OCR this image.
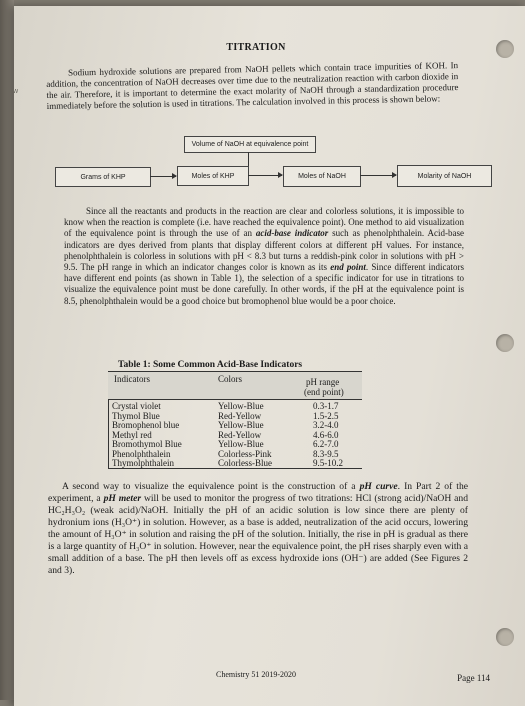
w
TITRATION
Sodium hydroxide solutions are prepared from NaOH pellets which contain trace impurities of KOH. In addition, the concentration of NaOH decreases over time due to the neutralization reaction with carbon dioxide in the air. Therefore, it is important to determine the exact molarity of NaOH through a standardization procedure immediately before the solution is used in titrations. The calculation involved in this process is shown below:
Volume of NaOH at equivalence point
Grams of KHP	Moles of KHP	Moles of NaOH	Molarity of NaOH
Since all the reactants and products in the reaction are clear and colorless solutions, it is impossible to know when the reaction is complete (i.e. have reached the equivalence point). One method to aid visualization of the equivalence point is through the use of an acid-base indicator such as phenolphthalein. Acid-base indicators are dyes derived from plants that display different colors at different pH values. For instance, phenolphthalein is colorless in solutions with pH < 8.3 but turns a reddish-pink color in solutions with pH > 9.5. The pH range in which an indicator changes color is known as its end point. Since different indicators have different end points (as shown in Table 1), the selection of a specific indicator for use in titrations to visualize the equivalence point must be done carefully. In other words, if the pH at the equivalence point is 8.5, phenolphthalein would be a good choice but bromophenol blue would be a poor choice.
Table 1: Some Common Acid-Base Indicators
Indicators	Colors	pH range
(end point)
Crystal violet	Yellow-Blue	0.3-1.7
Thymol Blue	Red-Yellow	1.5-2.5
Bromophenol blue	Yellow-Blue	3.2-4.0
Methyl red	Red-Yellow	4.6-6.0
Bromothymol Blue	Yellow-Blue	6.2-7.0
Phenolphthalein	Colorless-Pink	8.3-9.5
Thymolphthalein	Colorless-Blue	9.5-10.2
A second way to visualize the equivalence point is the construction of a pH curve. In Part 2 of the experiment, a pH meter will be used to monitor the progress of two titrations: HCl (strong acid)/NaOH and HC₂H₃O₂ (weak acid)/NaOH. Initially the pH of an acidic solution is low since there are plenty of hydronium ions (H₃O⁺) in solution. However, as a base is added, neutralization of the acid occurs, lowering the amount of H₃O⁺ in solution and raising the pH of the solution. Initially, the rise in pH is gradual as there is a large quantity of H₃O⁺ in solution. However, near the equivalence point, the pH rises sharply even with a small addition of a base. The pH then levels off as excess hydroxide ions (OH⁻) are added (See Figures 2 and 3).
Chemistry 51 2019-2020	Page 114
